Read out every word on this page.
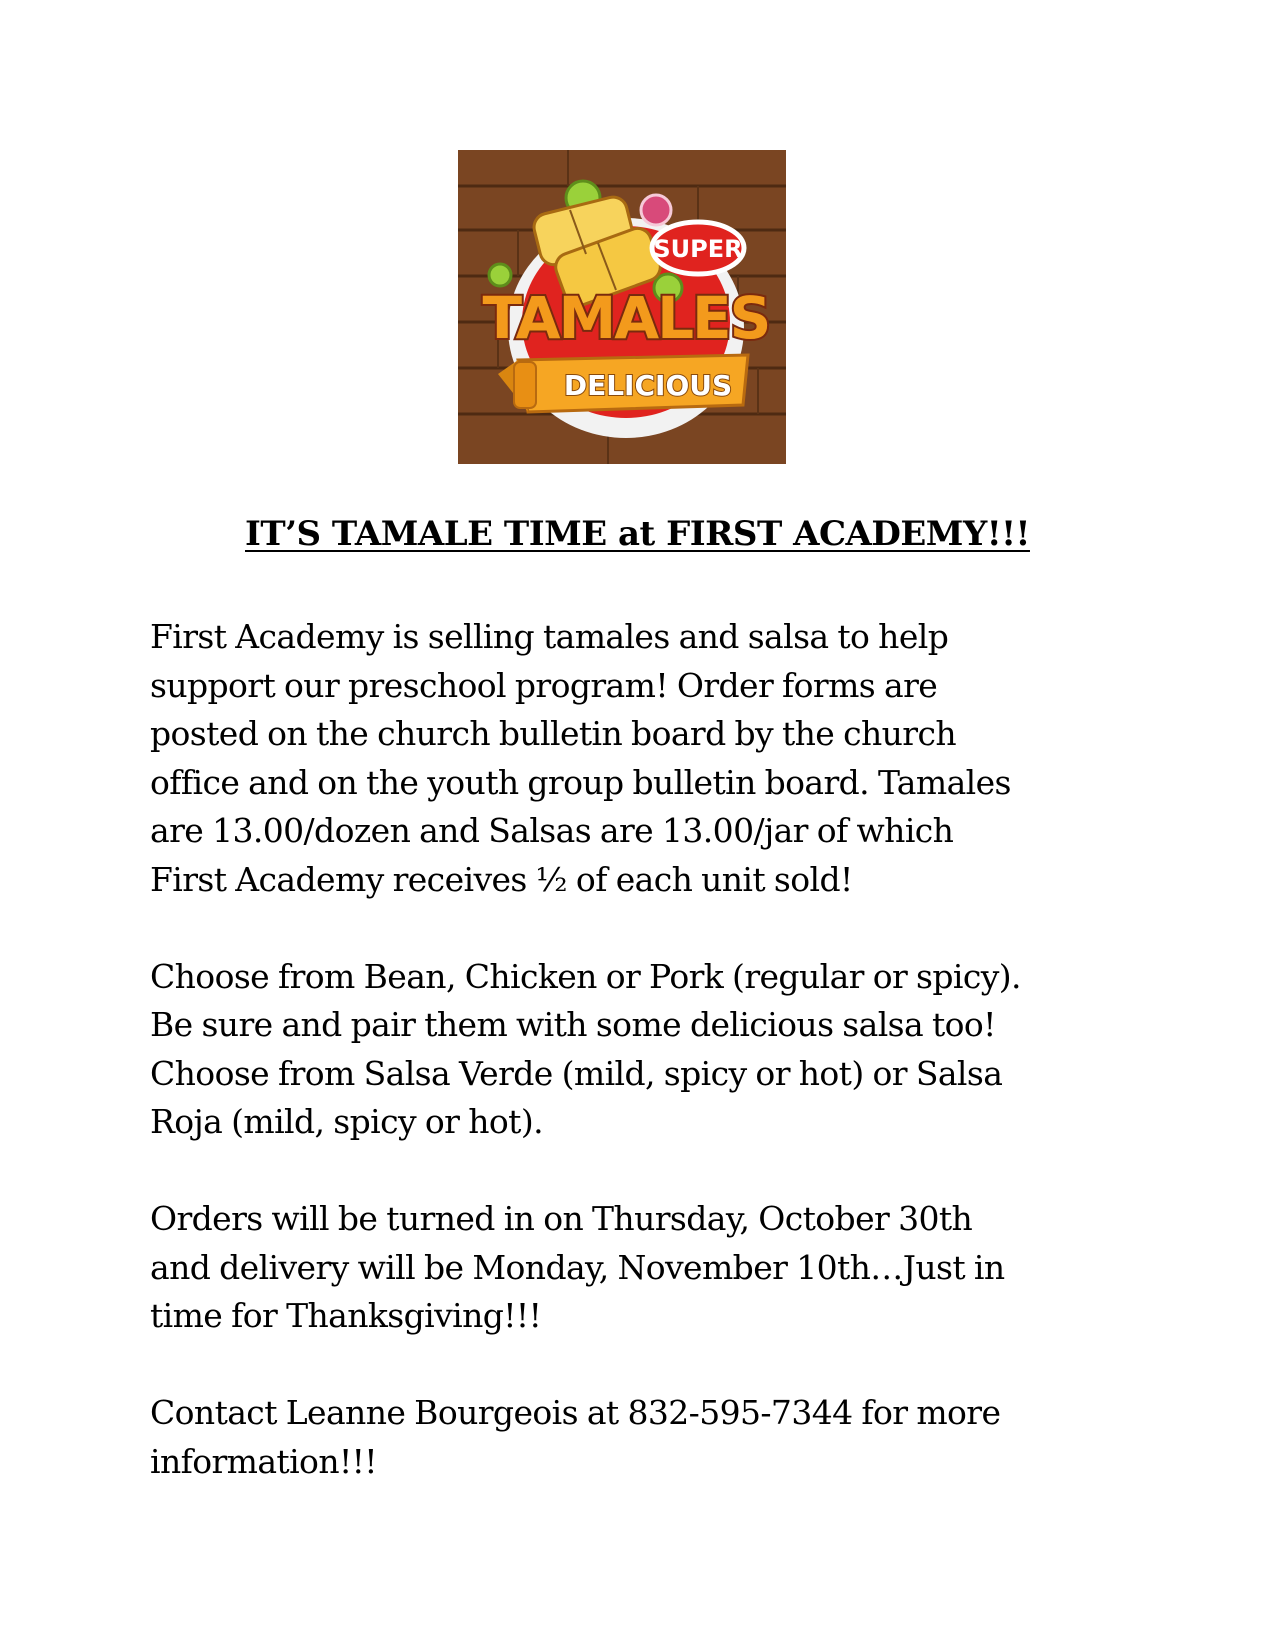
SUPER
TAMALES
DELICIOUS
IT’S TAMALE TIME at FIRST ACADEMY!!!

First Academy is selling tamales and salsa to help
support our preschool program! Order forms are
posted on the church bulletin board by the church
office and on the youth group bulletin board. Tamales
are 13.00/dozen and Salsas are 13.00/jar of which
First Academy receives ½ of each unit sold!

Choose from Bean, Chicken or Pork (regular or spicy).
Be sure and pair them with some delicious salsa too!
Choose from Salsa Verde (mild, spicy or hot) or Salsa
Roja (mild, spicy or hot).

Orders will be turned in on Thursday, October 30th
and delivery will be Monday, November 10th…Just in
time for Thanksgiving!!!

Contact Leanne Bourgeois at 832-595-7344 for more
information!!!
